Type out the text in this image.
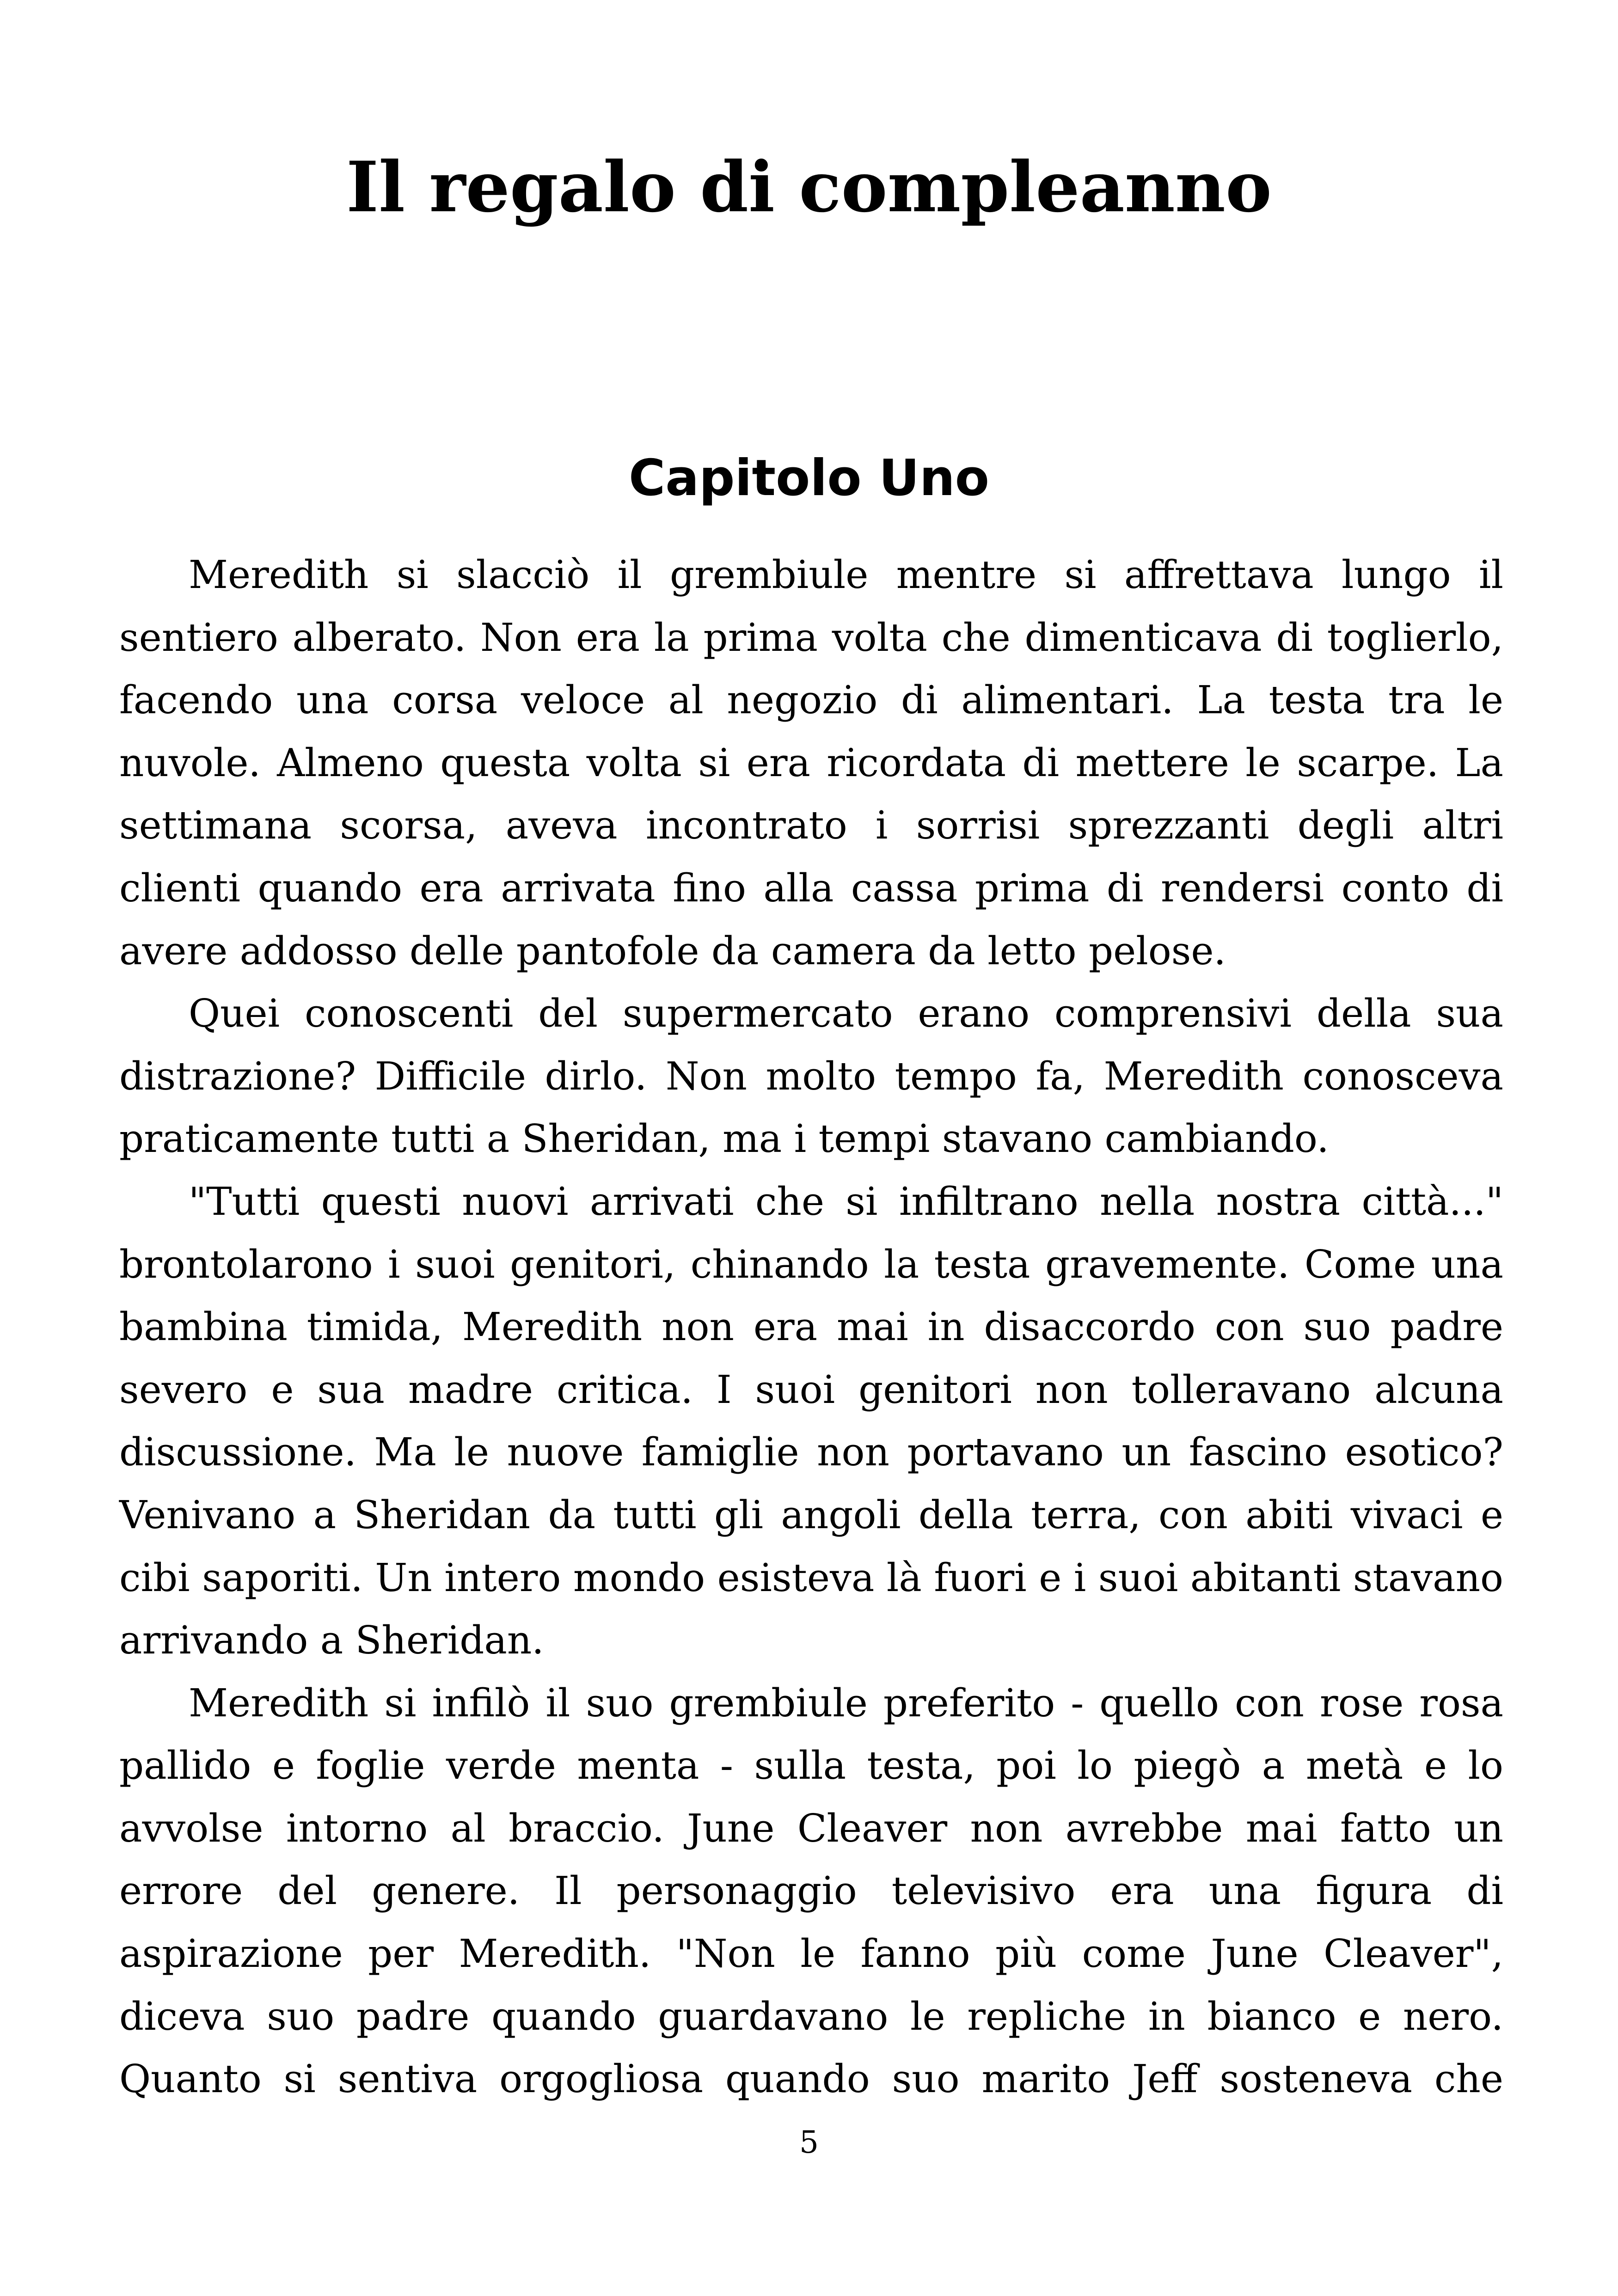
Il regalo di compleanno
Capitolo Uno

Meredith si slacciò il grembiule mentre si affrettava lungo il sentiero alberato. Non era la prima volta che dimenticava di toglierlo, facendo una corsa veloce al negozio di alimentari. La testa tra le nuvole. Almeno questa volta si era ricordata di mettere le scarpe. La settimana scorsa, aveva incontrato i sorrisi sprezzanti degli altri clienti quando era arrivata fino alla cassa prima di rendersi conto di avere addosso delle pantofole da camera da letto pelose.

Quei conoscenti del supermercato erano comprensivi della sua distrazione? Difficile dirlo. Non molto tempo fa, Meredith conosceva praticamente tutti a Sheridan, ma i tempi stavano cambiando.

"Tutti questi nuovi arrivati che si infiltrano nella nostra città..." brontolarono i suoi genitori, chinando la testa gravemente. Come una bambina timida, Meredith non era mai in disaccordo con suo padre severo e sua madre critica. I suoi genitori non tolleravano alcuna discussione. Ma le nuove famiglie non portavano un fascino esotico? Venivano a Sheridan da tutti gli angoli della terra, con abiti vivaci e cibi saporiti. Un intero mondo esisteva là fuori e i suoi abitanti stavano arrivando a Sheridan.

Meredith si infilò il suo grembiule preferito - quello con rose rosa pallido e foglie verde menta - sulla testa, poi lo piegò a metà e lo avvolse intorno al braccio. June Cleaver non avrebbe mai fatto un errore del genere. Il personaggio televisivo era una figura di aspirazione per Meredith. "Non le fanno più come June Cleaver", diceva suo padre quando guardavano le repliche in bianco e nero. Quanto si sentiva orgogliosa quando suo marito Jeff sosteneva che

5
